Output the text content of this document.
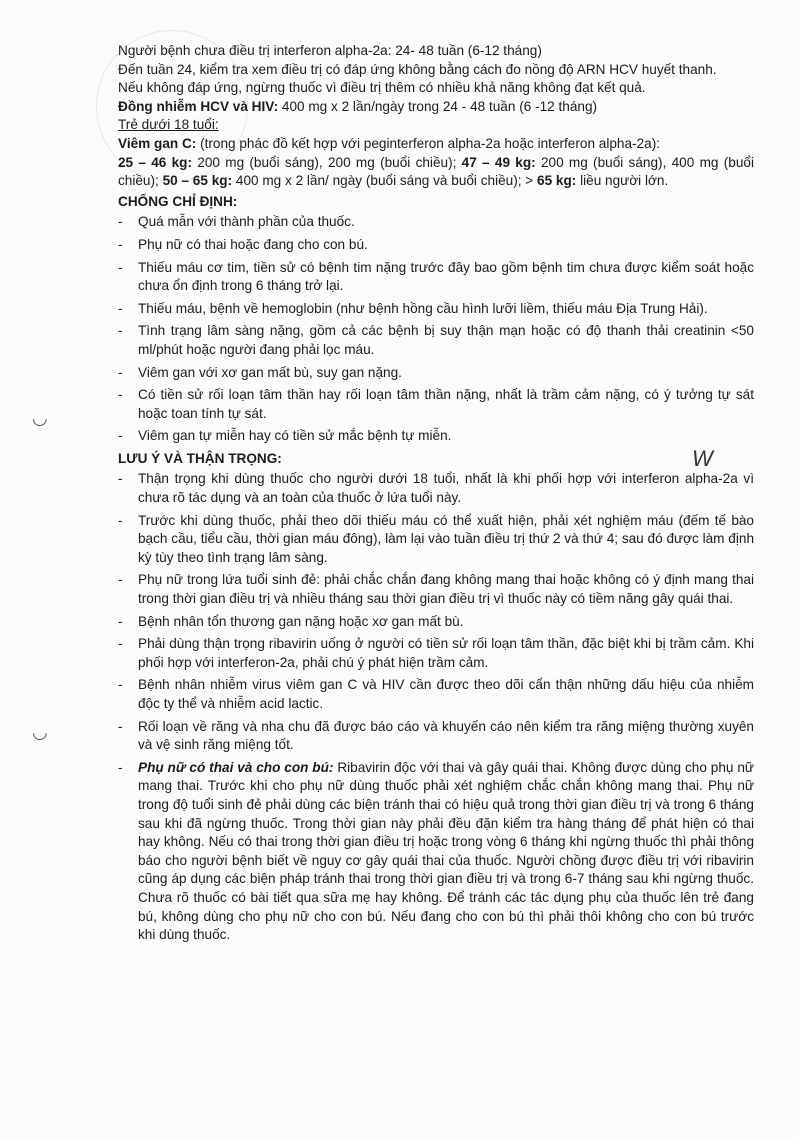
◡
◡
W
Người bệnh chưa điều trị interferon alpha-2a: 24- 48 tuần (6-12 tháng)
Đến tuần 24, kiểm tra xem điều trị có đáp ứng không bằng cách đo nồng độ ARN HCV huyết thanh.
Nếu không đáp ứng, ngừng thuốc vì điều trị thêm có nhiều khả năng không đạt kết quả.
Đồng nhiễm HCV và HIV: 400 mg x 2 lần/ngày trong 24 - 48 tuần (6 -12 tháng)
Trẻ dưới 18 tuổi:
Viêm gan C: (trong phác đồ kết hợp với peginterferon alpha-2a hoặc interferon alpha-2a):
25 – 46 kg: 200 mg (buổi sáng), 200 mg (buổi chiều); 47 – 49 kg: 200 mg (buổi sáng), 400 mg (buổi chiều); 50 – 65 kg: 400 mg x 2 lần/ ngày (buổi sáng và buổi chiều); > 65 kg: liều người lớn.
CHỐNG CHỈ ĐỊNH:
- Quá mẫn với thành phần của thuốc.
- Phụ nữ có thai hoặc đang cho con bú.
- Thiếu máu cơ tim, tiền sử có bệnh tim nặng trước đây bao gồm bệnh tim chưa được kiểm soát hoặc chưa ổn định trong 6 tháng trở lại.
- Thiếu máu, bệnh về hemoglobin (như bệnh hồng cầu hình lưỡi liềm, thiếu máu Địa Trung Hải).
- Tình trạng lâm sàng nặng, gồm cả các bệnh bị suy thận mạn hoặc có độ thanh thải creatinin <50 ml/phút hoặc người đang phải lọc máu.
- Viêm gan với xơ gan mất bù, suy gan nặng.
- Có tiền sử rối loạn tâm thần hay rối loạn tâm thần nặng, nhất là trầm cảm nặng, có ý tưởng tự sát hoặc toan tính tự sát.
- Viêm gan tự miễn hay có tiền sử mắc bệnh tự miễn.
LƯU Ý VÀ THẬN TRỌNG:
- Thận trọng khi dùng thuốc cho người dưới 18 tuổi, nhất là khi phối hợp với interferon alpha-2a vì chưa rõ tác dụng và an toàn của thuốc ở lứa tuổi này.
- Trước khi dùng thuốc, phải theo dõi thiếu máu có thể xuất hiện, phải xét nghiệm máu (đếm tế bào bạch cầu, tiểu cầu, thời gian máu đông), làm lại vào tuần điều trị thứ 2 và thứ 4; sau đó được làm định kỳ tùy theo tình trạng lâm sàng.
- Phụ nữ trong lứa tuổi sinh đẻ: phải chắc chắn đang không mang thai hoặc không có ý định mang thai trong thời gian điều trị và nhiều tháng sau thời gian điều trị vì thuốc này có tiềm năng gây quái thai.
- Bệnh nhân tổn thương gan nặng hoặc xơ gan mất bù.
- Phải dùng thận trọng ribavirin uống ở người có tiền sử rối loạn tâm thần, đặc biệt khi bị trầm cảm. Khi phối hợp với interferon-2a, phải chú ý phát hiện trầm cảm.
- Bệnh nhân nhiễm virus viêm gan C và HIV cần được theo dõi cẩn thận những dấu hiệu của nhiễm độc ty thể và nhiễm acid lactic.
- Rối loạn về răng và nha chu đã được báo cáo và khuyến cáo nên kiểm tra răng miệng thường xuyên và vệ sinh răng miệng tốt.
- Phụ nữ có thai và cho con bú: Ribavirin độc với thai và gây quái thai. Không được dùng cho phụ nữ mang thai. Trước khi cho phụ nữ dùng thuốc phải xét nghiệm chắc chắn không mang thai. Phụ nữ trong độ tuổi sinh đẻ phải dùng các biện tránh thai có hiệu quả trong thời gian điều trị và trong 6 tháng sau khi đã ngừng thuốc. Trong thời gian này phải đều đặn kiểm tra hàng tháng để phát hiện có thai hay không. Nếu có thai trong thời gian điều trị hoặc trong vòng 6 tháng khi ngừng thuốc thì phải thông báo cho người bệnh biết về nguy cơ gây quái thai của thuốc. Người chồng được điều trị với ribavirin cũng áp dụng các biện pháp tránh thai trong thời gian điều trị và trong 6-7 tháng sau khi ngừng thuốc. Chưa rõ thuốc có bài tiết qua sữa mẹ hay không. Để tránh các tác dụng phụ của thuốc lên trẻ đang bú, không dùng cho phụ nữ cho con bú. Nếu đang cho con bú thì phải thôi không cho con bú trước khi dùng thuốc.
